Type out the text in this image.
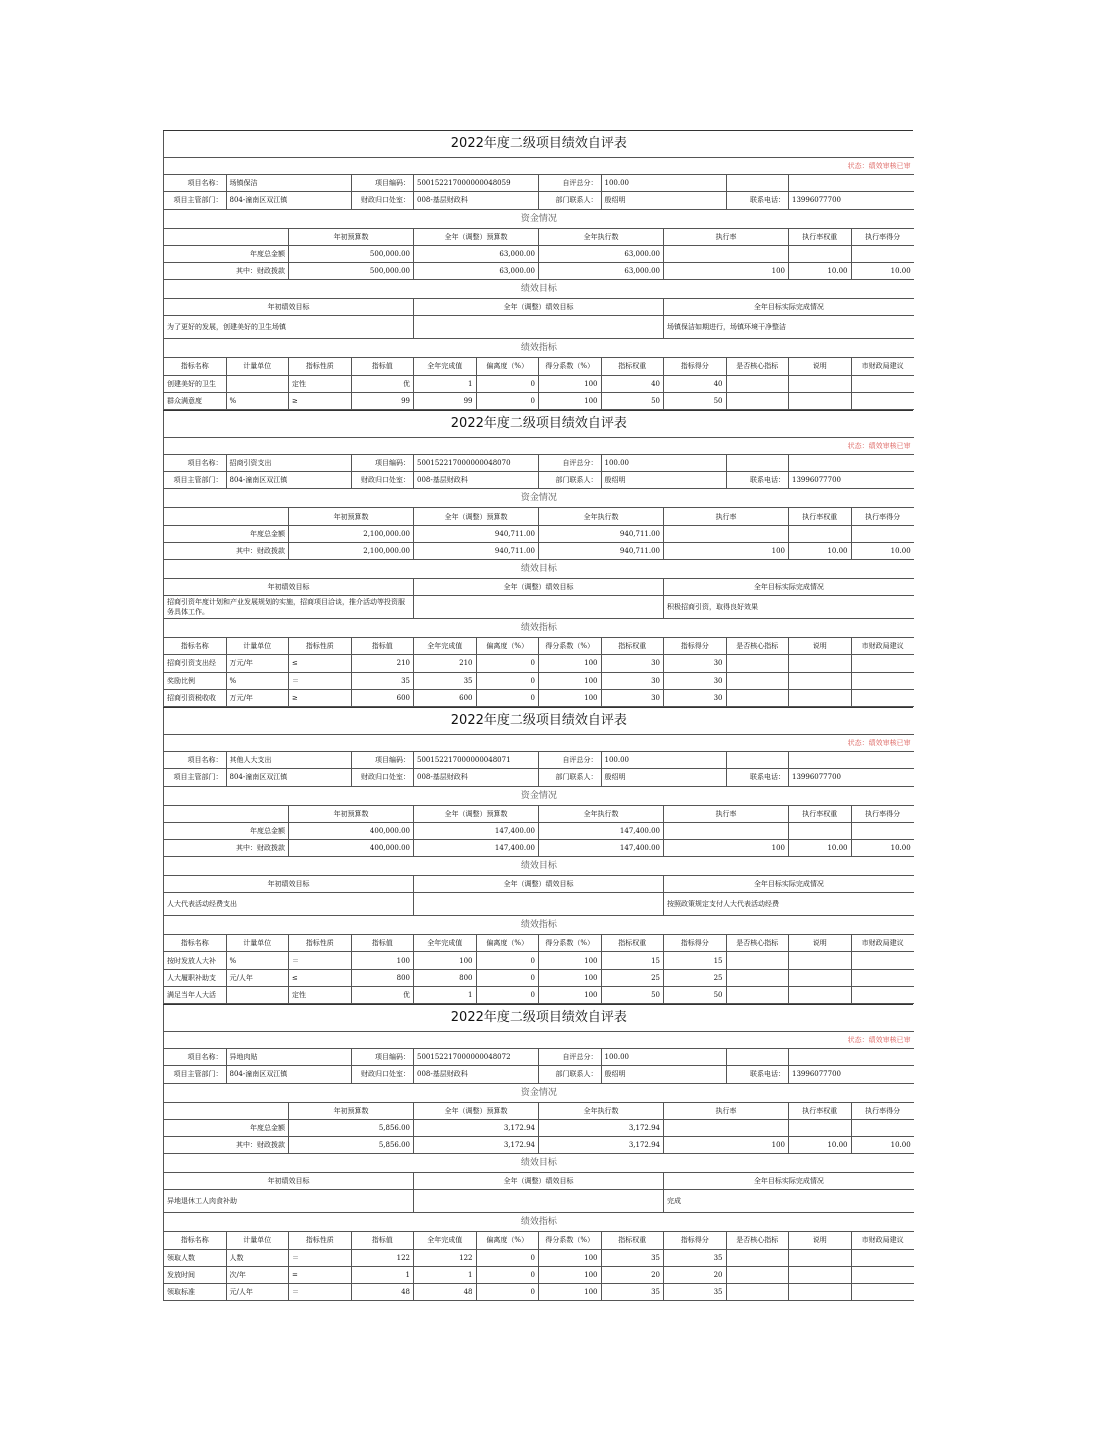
2022年度二级项目绩效自评表											
状态：绩效审核已审											
项目名称：	场镇保洁		项目编码：	500152217000000048059		自评总分：	100.00				
项目主管部门：	804-潼南区双江镇		财政归口处室：	008-基层财政科		部门联系人：	殷绍明		联系电话：	13996077700	
资金情况											
		年初预算数		全年（调整）预算数		全年执行数		执行率		执行率权重	执行率得分
年度总金额		500,000.00		63,000.00		63,000.00					
其中：财政拨款		500,000.00		63,000.00		63,000.00		100		10.00	10.00
绩效目标											
年初绩效目标				全年（调整）绩效目标				全年目标实际完成情况			
为了更好的发展，创建美好的卫生场镇								场镇保洁如期进行，场镇环境干净整洁			
绩效指标											
指标名称	计量单位	指标性质	指标值	全年完成值	偏离度（%）	得分系数（%）	指标权重	指标得分	是否核心指标	说明	市财政局建议
创建美好的卫生		定性	优	1	0	100	40	40			
群众满意度	%	≥	99	99	0	100	50	50			
2022年度二级项目绩效自评表											
状态：绩效审核已审											
项目名称：	招商引资支出		项目编码：	500152217000000048070		自评总分：	100.00				
项目主管部门：	804-潼南区双江镇		财政归口处室：	008-基层财政科		部门联系人：	殷绍明		联系电话：	13996077700	
资金情况											
		年初预算数		全年（调整）预算数		全年执行数		执行率		执行率权重	执行率得分
年度总金额		2,100,000.00		940,711.00		940,711.00					
其中：财政拨款		2,100,000.00		940,711.00		940,711.00		100		10.00	10.00
绩效目标											
年初绩效目标				全年（调整）绩效目标				全年目标实际完成情况			
招商引资年度计划和产业发展规划的实施，招商项目洽谈，推介活动等投资服务具体工作。								积极招商引资，取得良好效果			
绩效指标											
指标名称	计量单位	指标性质	指标值	全年完成值	偏离度（%）	得分系数（%）	指标权重	指标得分	是否核心指标	说明	市财政局建议
招商引资支出经	万元/年	≤	210	210	0	100	30	30			
奖励比例	%	＝	35	35	0	100	30	30			
招商引资税收收	万元/年	≥	600	600	0	100	30	30			
2022年度二级项目绩效自评表											
状态：绩效审核已审											
项目名称：	其他人大支出		项目编码：	500152217000000048071		自评总分：	100.00				
项目主管部门：	804-潼南区双江镇		财政归口处室：	008-基层财政科		部门联系人：	殷绍明		联系电话：	13996077700	
资金情况											
		年初预算数		全年（调整）预算数		全年执行数		执行率		执行率权重	执行率得分
年度总金额		400,000.00		147,400.00		147,400.00					
其中：财政拨款		400,000.00		147,400.00		147,400.00		100		10.00	10.00
绩效目标											
年初绩效目标				全年（调整）绩效目标				全年目标实际完成情况			
人大代表活动经费支出								按照政策规定支付人大代表活动经费			
绩效指标											
指标名称	计量单位	指标性质	指标值	全年完成值	偏离度（%）	得分系数（%）	指标权重	指标得分	是否核心指标	说明	市财政局建议
按时发放人大补	%	＝	100	100	0	100	15	15			
人大履职补助支	元/人年	≤	800	800	0	100	25	25			
满足当年人大活		定性	优	1	0	100	50	50			
2022年度二级项目绩效自评表											
状态：绩效审核已审											
项目名称：	异地肉贴		项目编码：	500152217000000048072		自评总分：	100.00				
项目主管部门：	804-潼南区双江镇		财政归口处室：	008-基层财政科		部门联系人：	殷绍明		联系电话：	13996077700	
资金情况											
		年初预算数		全年（调整）预算数		全年执行数		执行率		执行率权重	执行率得分
年度总金额		5,856.00		3,172.94		3,172.94					
其中：财政拨款		5,856.00		3,172.94		3,172.94		100		10.00	10.00
绩效目标											
年初绩效目标				全年（调整）绩效目标				全年目标实际完成情况			
异地退休工人肉食补助								完成			
绩效指标											
指标名称	计量单位	指标性质	指标值	全年完成值	偏离度（%）	得分系数（%）	指标权重	指标得分	是否核心指标	说明	市财政局建议
领取人数	人数	＝	122	122	0	100	35	35			
发放时间	次/年	=	1	1	0	100	20	20			
领取标准	元/人年	＝	48	48	0	100	35	35			
